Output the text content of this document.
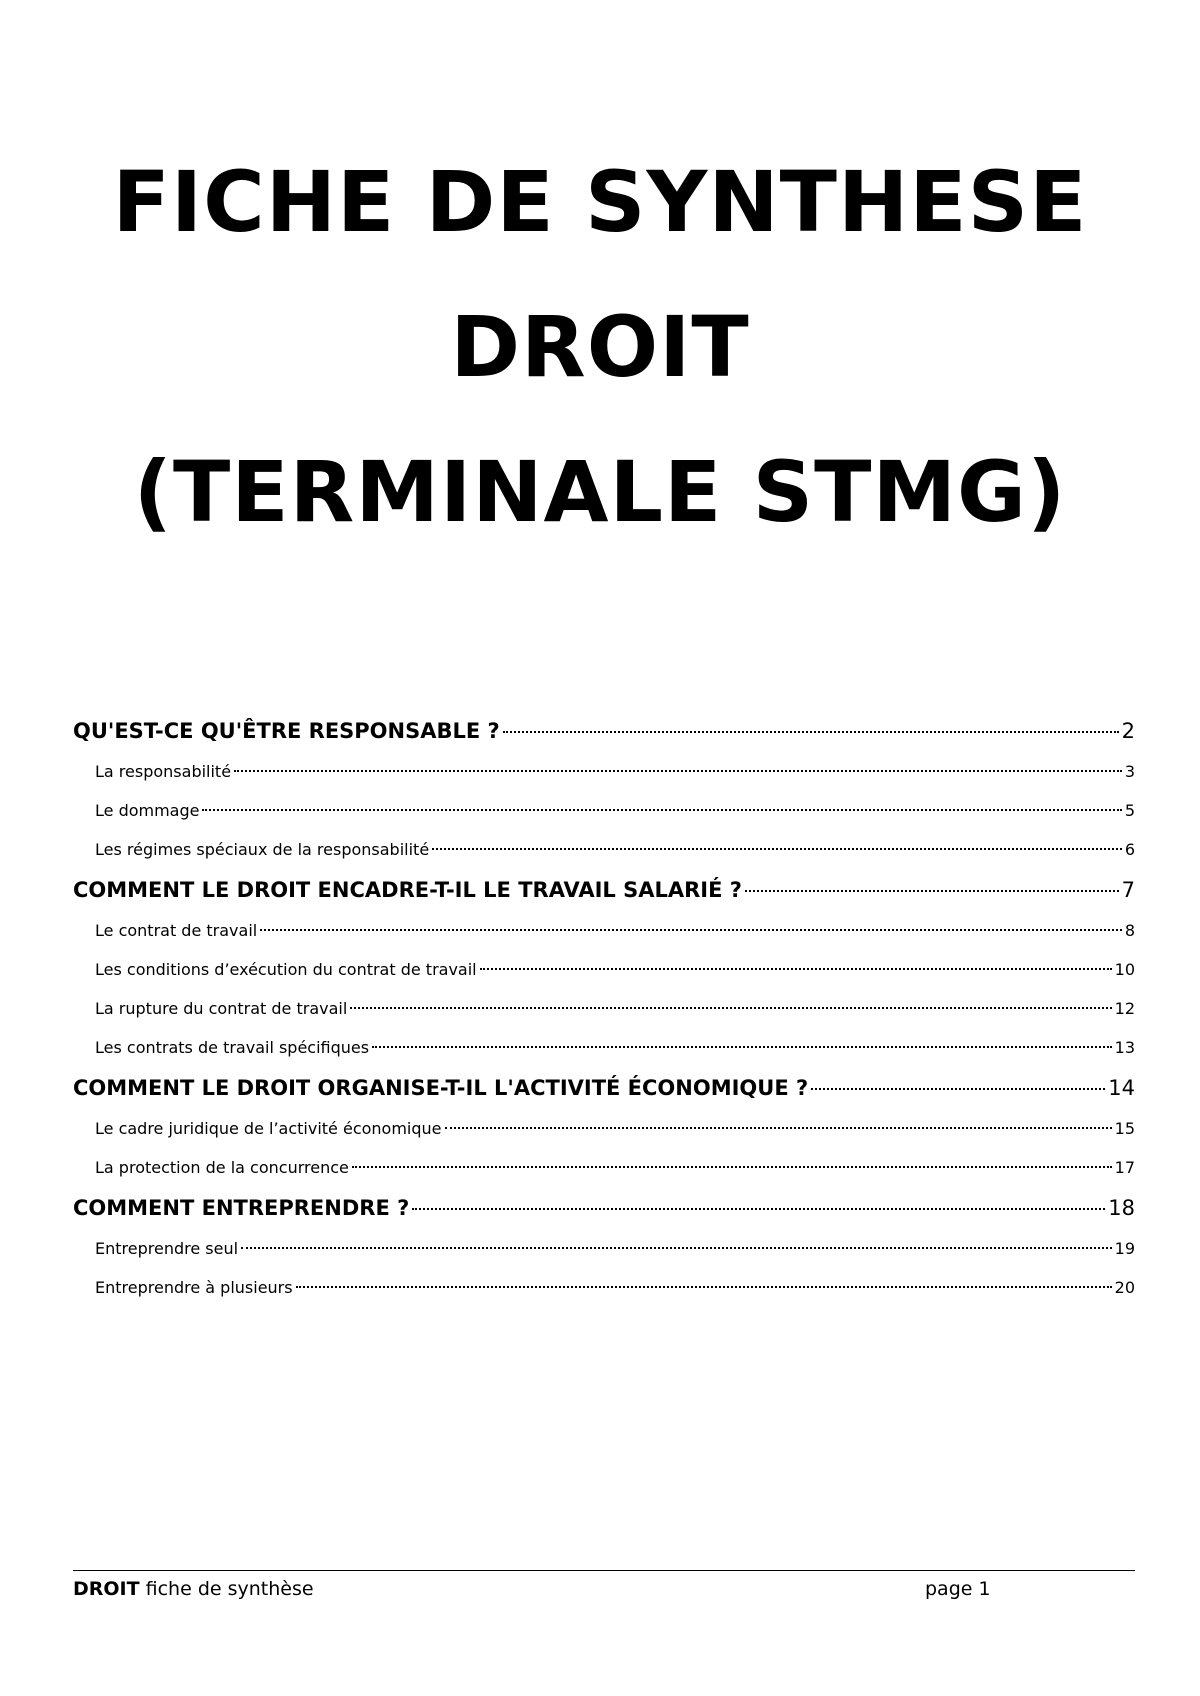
FICHE DE SYNTHESE
DROIT
(TERMINALE STMG)
QU'EST-CE QU'ÊTRE RESPONSABLE ?	2
La responsabilité	3
Le dommage	5
Les régimes spéciaux de la responsabilité	6
COMMENT LE DROIT ENCADRE-T-IL LE TRAVAIL SALARIÉ ?	7
Le contrat de travail	8
Les conditions d’exécution du contrat de travail	10
La rupture du contrat de travail	12
Les contrats de travail spécifiques	13
COMMENT LE DROIT ORGANISE-T-IL L'ACTIVITÉ ÉCONOMIQUE ?	14
Le cadre juridique de l’activité économique	15
La protection de la concurrence	17
COMMENT ENTREPRENDRE ?	18
Entreprendre seul	19
Entreprendre à plusieurs	20
DROIT fiche de synthèse	page 1
